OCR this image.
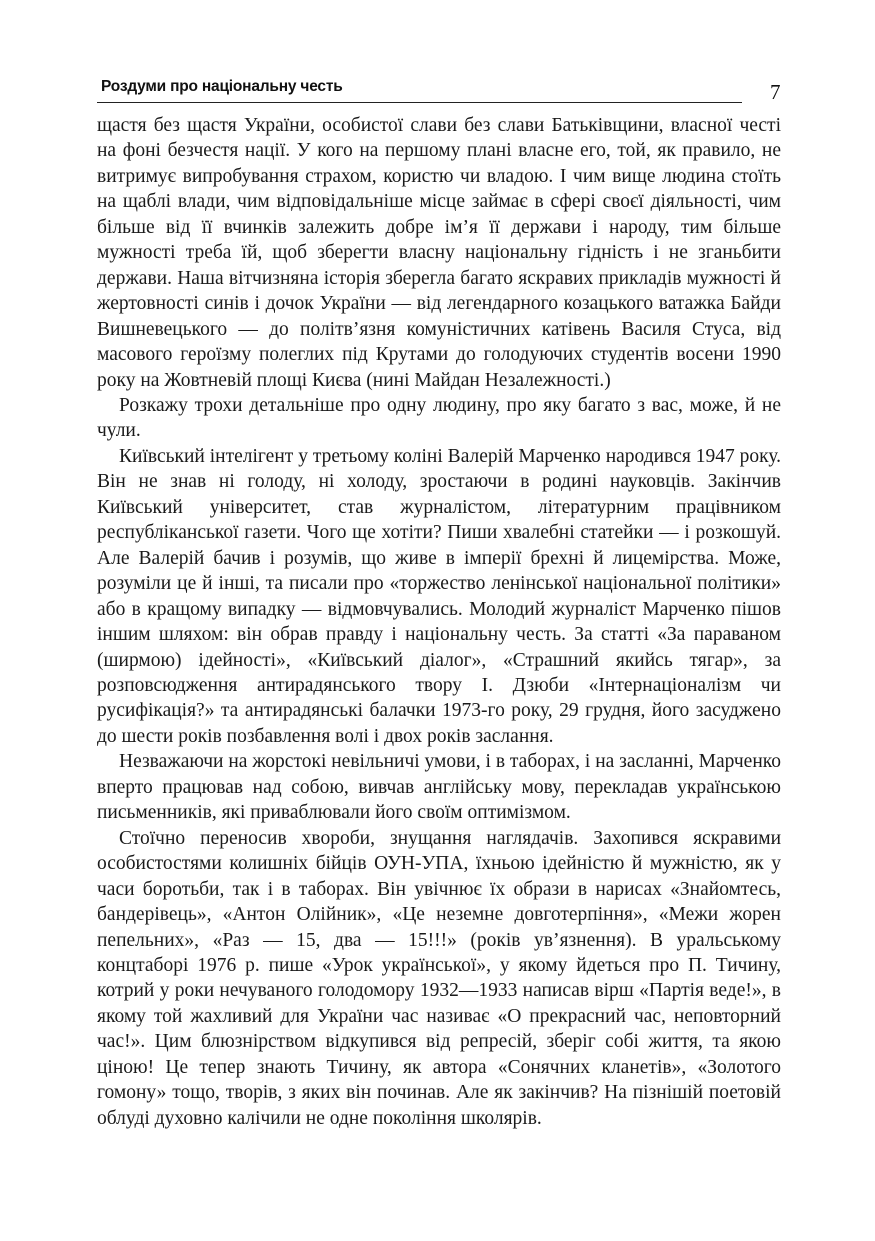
Роздуми про національну честь	7

щастя без щастя України, особистої слави без слави Батьківщини, власної честі на фоні безчестя нації. У кого на першому плані власне его, той, як правило, не витримує випробування страхом, користю чи владою. І чим вище людина стоїть на щаблі влади, чим відповідальніше місце займає в сфері своєї діяльності, чим більше від її вчинків залежить добре ім’я її держави і народу, тим більше мужності треба їй, щоб зберегти власну національну гідність і не зганьбити держави. Наша вітчизняна історія зберегла багато яскравих прикладів мужності й жертовності синів і дочок України — від легендарного козацького ватажка Байди Вишневецького — до політв’язня комуністичних катівень Василя Стуса, від масового героїзму полеглих під Крутами до голодуючих студентів восени 1990 року на Жовтневій площі Києва (нині Майдан Незалежності.)

Розкажу трохи детальніше про одну людину, про яку багато з вас, може, й не чули.

Київський інтелігент у третьому коліні Валерій Марченко народився 1947 року. Він не знав ні голоду, ні холоду, зростаючи в родині науковців. Закінчив Київський університет, став журналістом, літературним працівником республіканської газети. Чого ще хотіти? Пиши хвалебні статейки — і розкошуй. Але Валерій бачив і розумів, що живе в імперії брехні й лицемірства. Може, розуміли це й інші, та писали про «торжество ленінської національної політики» або в кращому випадку — відмовчувались. Молодий журналіст Марченко пішов іншим шляхом: він обрав правду і національну честь. За статті «За параваном (ширмою) ідейності», «Київський діалог», «Страшний якийсь тягар», за розповсюдження антирадянського твору І. Дзюби «Інтернаціоналізм чи русифікація?» та антирадянські балачки 1973-го року, 29 грудня, його засуджено до шести років позбавлення волі і двох років заслання.

Незважаючи на жорстокі невільничі умови, і в таборах, і на засланні, Марченко вперто працював над собою, вивчав англійську мову, перекладав українською письменників, які приваблювали його своїм оптимізмом.

Стоїчно переносив хвороби, знущання наглядачів. Захопився яскравими особистостями колишніх бійців ОУН-УПА, їхньою ідейністю й мужністю, як у часи боротьби, так і в таборах. Він увічнює їх образи в нарисах «Знайомтесь, бандерівець», «Антон Олійник», «Це неземне довготерпіння», «Межи жорен пепельних», «Раз — 15, два — 15!!!» (років ув’язнення). В уральському концтаборі 1976 р. пише «Урок української», у якому йдеться про П. Тичину, котрий у роки нечуваного голодомору 1932—1933 написав вірш «Партія веде!», в якому той жахливий для України час називає «О прекрасний час, неповторний час!». Цим блюзнірством відкупився від репресій, зберіг собі життя, та якою ціною! Це тепер знають Тичину, як автора «Сонячних кланетів», «Золотого гомону» тощо, творів, з яких він починав. Але як закінчив? На пізнішій поетовій облуді духовно калічили не одне покоління школярів.
